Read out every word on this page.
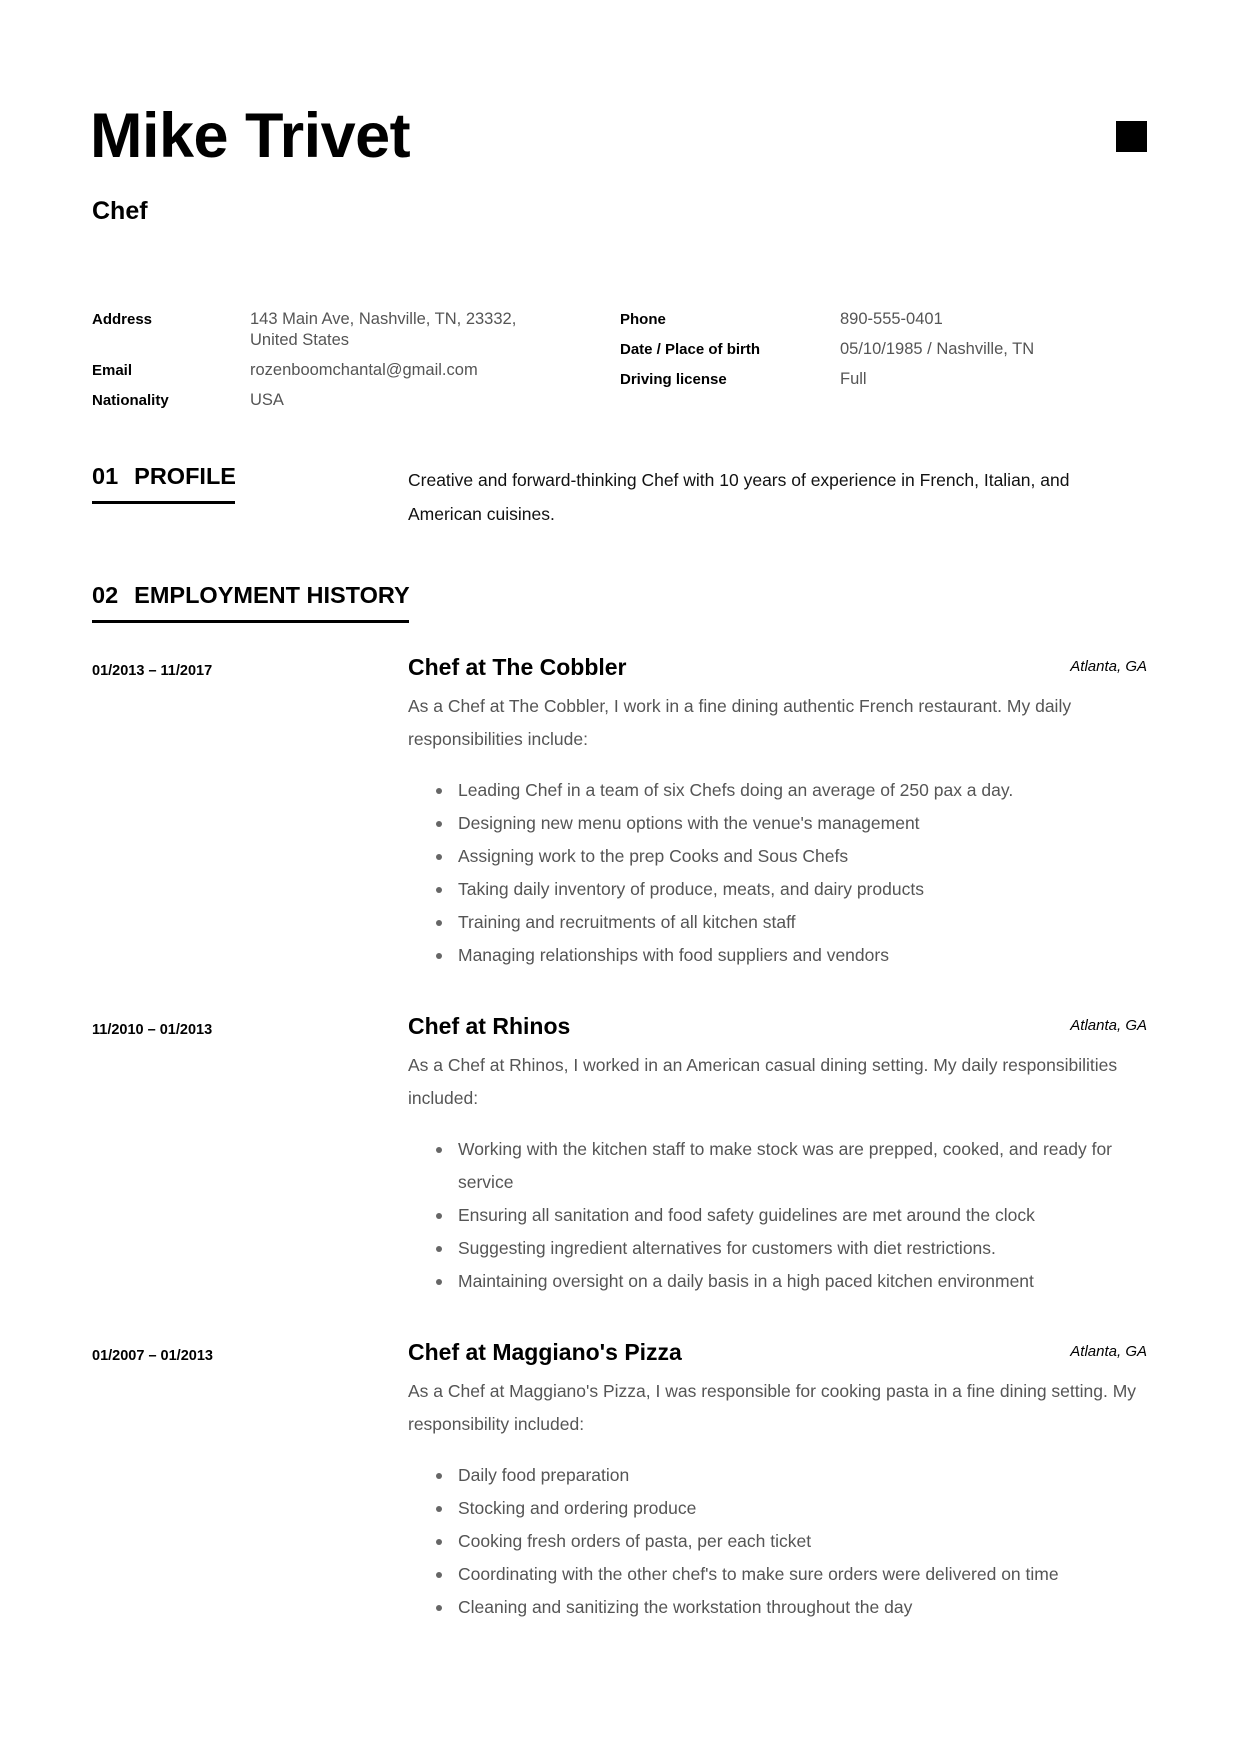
Mike Trivet
Chef
Address	143 Main Ave, Nashville, TN, 23332,
United States
Email	rozenboomchantal@gmail.com
Nationality	USA
Phone	890-555-0401
Date / Place of birth	05/10/1985 / Nashville, TN
Driving license	Full
01 PROFILE	Creative and forward-thinking Chef with 10 years of experience in French, Italian, and American cuisines.
02 EMPLOYMENT HISTORY
01/2013 – 11/2017	Chef at The Cobbler	Atlanta, GA
As a Chef at The Cobbler, I work in a fine dining authentic French restaurant. My daily responsibilities include:
Leading Chef in a team of six Chefs doing an average of 250 pax a day.
Designing new menu options with the venue's management
Assigning work to the prep Cooks and Sous Chefs
Taking daily inventory of produce, meats, and dairy products
Training and recruitments of all kitchen staff
Managing relationships with food suppliers and vendors
11/2010 – 01/2013	Chef at Rhinos	Atlanta, GA
As a Chef at Rhinos, I worked in an American casual dining setting. My daily responsibilities included:
Working with the kitchen staff to make stock was are prepped, cooked, and ready for service
Ensuring all sanitation and food safety guidelines are met around the clock
Suggesting ingredient alternatives for customers with diet restrictions.
Maintaining oversight on a daily basis in a high paced kitchen environment
01/2007 – 01/2013	Chef at Maggiano's Pizza	Atlanta, GA
As a Chef at Maggiano's Pizza, I was responsible for cooking pasta in a fine dining setting. My responsibility included:
Daily food preparation
Stocking and ordering produce
Cooking fresh orders of pasta, per each ticket
Coordinating with the other chef's to make sure orders were delivered on time
Cleaning and sanitizing the workstation throughout the day
